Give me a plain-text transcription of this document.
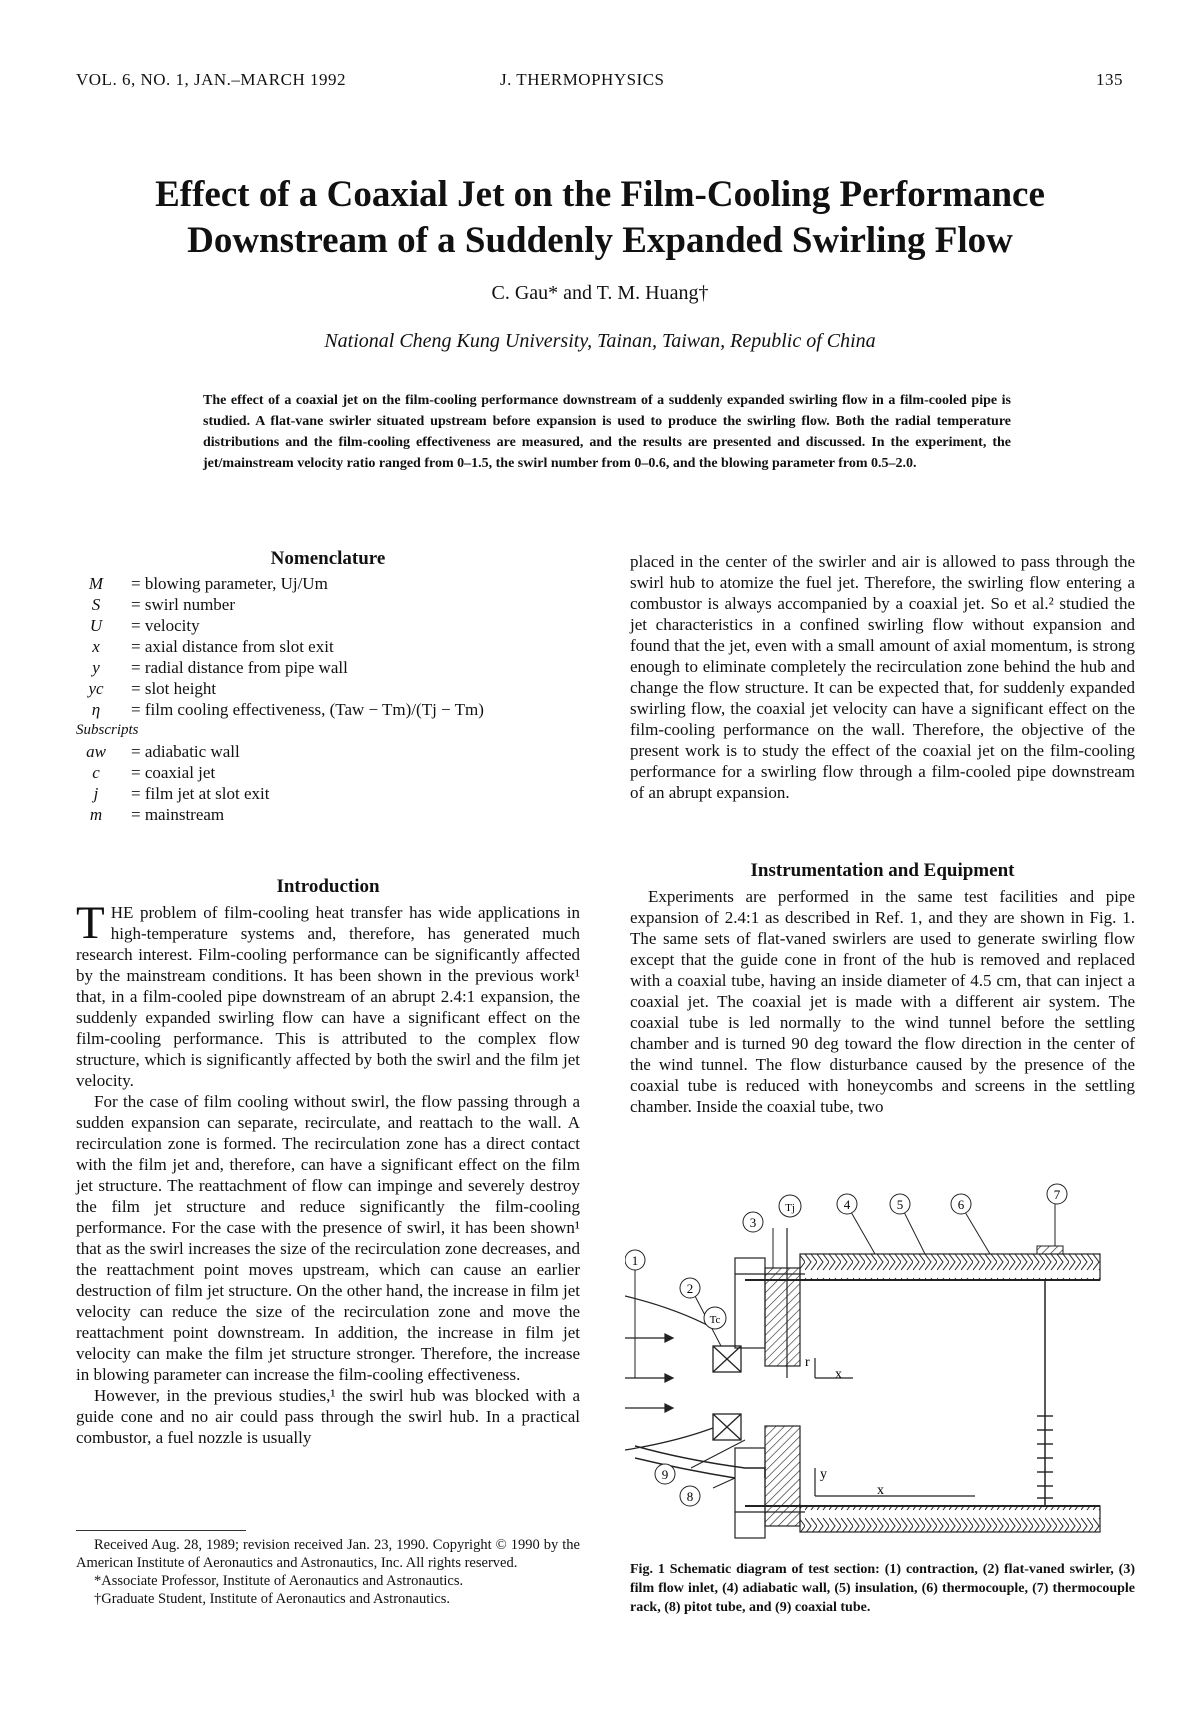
VOL. 6, NO. 1, JAN.–MARCH 1992	J. THERMOPHYSICS	135
Effect of a Coaxial Jet on the Film-Cooling Performance
Downstream of a Suddenly Expanded Swirling Flow
C. Gau* and T. M. Huang†
National Cheng Kung University, Tainan, Taiwan, Republic of China

The effect of a coaxial jet on the film-cooling performance downstream of a suddenly expanded swirling flow in a film-cooled pipe is studied. A flat-vane swirler situated upstream before expansion is used to produce the swirling flow. Both the radial temperature distributions and the film-cooling effectiveness are measured, and the results are presented and discussed. In the experiment, the jet/mainstream velocity ratio ranged from 0–1.5, the swirl number from 0–0.6, and the blowing parameter from 0.5–2.0.

Nomenclature
M	= blowing parameter, Uj/Um
S	= swirl number
U	= velocity
x	= axial distance from slot exit
y	= radial distance from pipe wall
yc	= slot height
η	= film cooling effectiveness, (Taw − Tm)/(Tj − Tm)
Subscripts
aw	= adiabatic wall
c	= coaxial jet
j	= film jet at slot exit
m	= mainstream
Introduction

THE problem of film-cooling heat transfer has wide applications in high-temperature systems and, therefore, has generated much research interest. Film-cooling performance can be significantly affected by the mainstream conditions. It has been shown in the previous work¹ that, in a film-cooled pipe downstream of an abrupt 2.4:1 expansion, the suddenly expanded swirling flow can have a significant effect on the film-cooling performance. This is attributed to the complex flow structure, which is significantly affected by both the swirl and the film jet velocity.

For the case of film cooling without swirl, the flow passing through a sudden expansion can separate, recirculate, and reattach to the wall. A recirculation zone is formed. The recirculation zone has a direct contact with the film jet and, therefore, can have a significant effect on the film jet structure. The reattachment of flow can impinge and severely destroy the film jet structure and reduce significantly the film-cooling performance. For the case with the presence of swirl, it has been shown¹ that as the swirl increases the size of the recirculation zone decreases, and the reattachment point moves upstream, which can cause an earlier destruction of film jet structure. On the other hand, the increase in film jet velocity can reduce the size of the recirculation zone and move the reattachment point downstream. In addition, the increase in film jet velocity can make the film jet structure stronger. Therefore, the increase in blowing parameter can increase the film-cooling effectiveness.

However, in the previous studies,¹ the swirl hub was blocked with a guide cone and no air could pass through the swirl hub. In a practical combustor, a fuel nozzle is usually

Received Aug. 28, 1989; revision received Jan. 23, 1990. Copyright © 1990 by the American Institute of Aeronautics and Astronautics, Inc. All rights reserved.

*Associate Professor, Institute of Aeronautics and Astronautics.

†Graduate Student, Institute of Aeronautics and Astronautics.

placed in the center of the swirler and air is allowed to pass through the swirl hub to atomize the fuel jet. Therefore, the swirling flow entering a combustor is always accompanied by a coaxial jet. So et al.² studied the jet characteristics in a confined swirling flow without expansion and found that the jet, even with a small amount of axial momentum, is strong enough to eliminate completely the recirculation zone behind the hub and change the flow structure. It can be expected that, for suddenly expanded swirling flow, the coaxial jet velocity can have a significant effect on the film-cooling performance on the wall. Therefore, the objective of the present work is to study the effect of the coaxial jet on the film-cooling performance for a swirling flow through a film-cooled pipe downstream of an abrupt expansion.

Instrumentation and Equipment

Experiments are performed in the same test facilities and pipe expansion of 2.4:1 as described in Ref. 1, and they are shown in Fig. 1. The same sets of flat-vaned swirlers are used to generate swirling flow except that the guide cone in front of the hub is removed and replaced with a coaxial tube, having an inside diameter of 4.5 cm, that can inject a coaxial jet. The coaxial jet is made with a different air system. The coaxial tube is led normally to the wind tunnel before the settling chamber and is turned 90 deg toward the flow direction in the center of the wind tunnel. The flow disturbance caused by the presence of the coaxial tube is reduced with honeycombs and screens in the settling chamber. Inside the coaxial tube, two

r
x
y
x
1
2
3
4	5	6
7
8
9
Tj
Tc
Fig. 1 Schematic diagram of test section: (1) contraction, (2) flat-vaned swirler, (3) film flow inlet, (4) adiabatic wall, (5) insulation, (6) thermocouple, (7) thermocouple rack, (8) pitot tube, and (9) coaxial tube.
